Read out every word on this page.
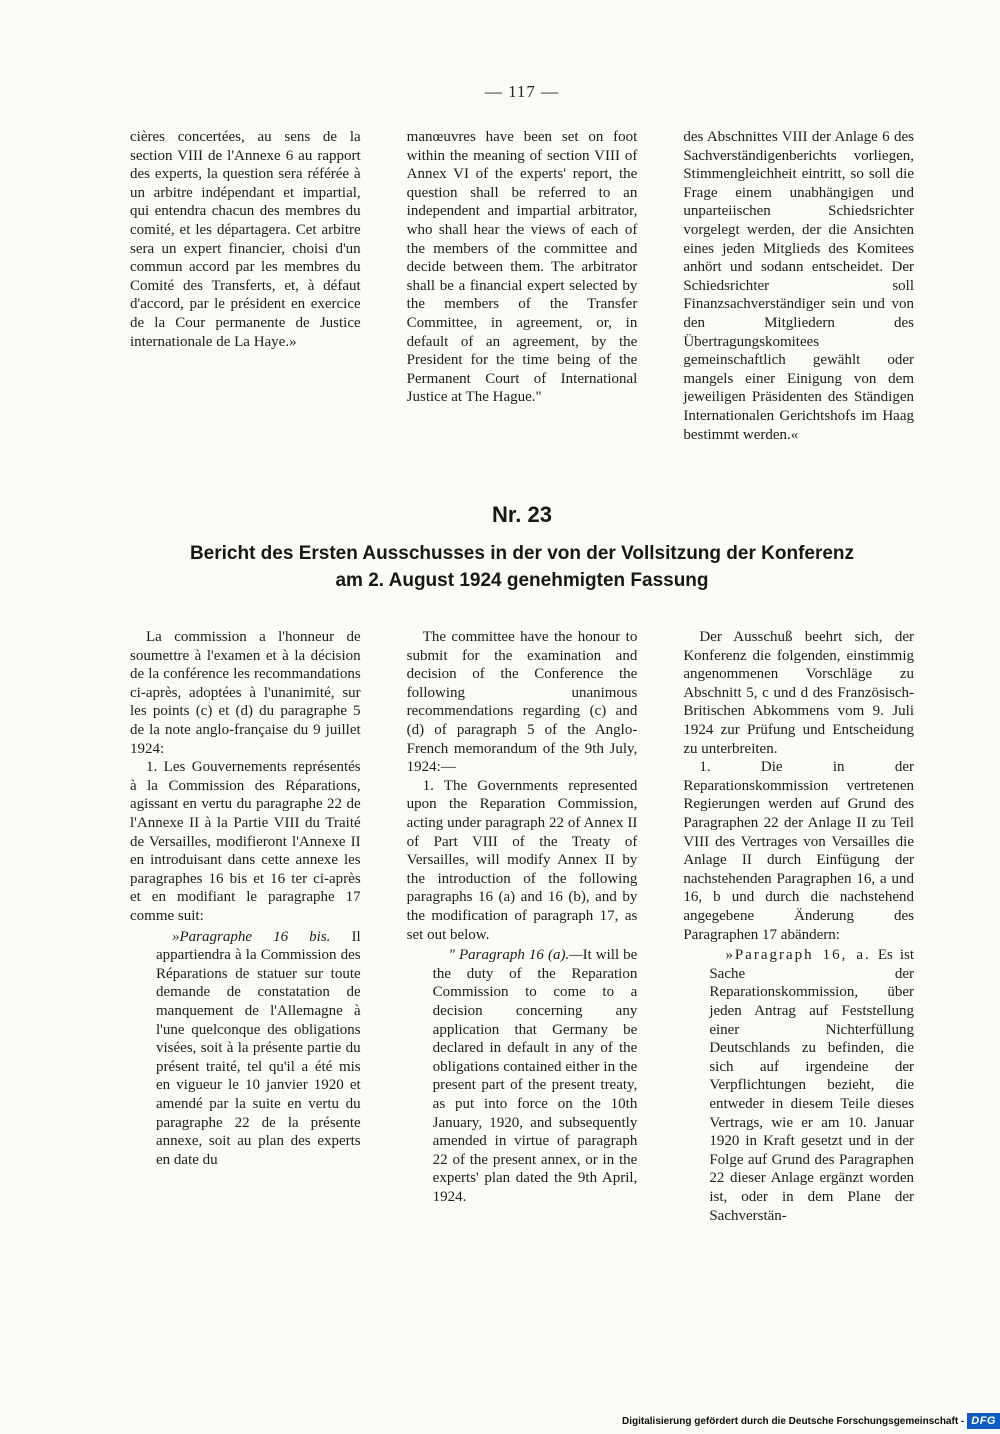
— 117 —

cières concertées, au sens de la section VIII de l'Annexe 6 au rapport des experts, la question sera référée à un arbitre indépendant et impartial, qui entendra chacun des membres du comité, et les départagera. Cet arbitre sera un expert financier, choisi d'un commun accord par les membres du Comité des Transferts, et, à défaut d'accord, par le président en exercice de la Cour permanente de Justice internationale de La Haye.»

manœuvres have been set on foot within the meaning of section VIII of Annex VI of the experts' report, the question shall be referred to an independent and impartial arbitrator, who shall hear the views of each of the members of the committee and decide between them. The arbitrator shall be a financial expert selected by the members of the Transfer Committee, in agreement, or, in default of an agreement, by the President for the time being of the Permanent Court of International Justice at The Hague."

des Abschnittes VIII der Anlage 6 des Sachverständigenberichts vorliegen, Stimmengleichheit eintritt, so soll die Frage einem unabhängigen und unparteiischen Schiedsrichter vorgelegt werden, der die Ansichten eines jeden Mitglieds des Komitees anhört und sodann entscheidet. Der Schiedsrichter soll Finanzsachverständiger sein und von den Mitgliedern des Übertragungskomitees gemeinschaftlich gewählt oder mangels einer Einigung von dem jeweiligen Präsidenten des Ständigen Internationalen Gerichtshofs im Haag bestimmt werden.«

Nr. 23
Bericht des Ersten Ausschusses in der von der Vollsitzung der Konferenz
am 2. August 1924 genehmigten Fassung

La commission a l'honneur de soumettre à l'examen et à la décision de la conférence les recommandations ci-après, adoptées à l'unanimité, sur les points (c) et (d) du paragraphe 5 de la note anglo-française du 9 juillet 1924:

1. Les Gouvernements représentés à la Commission des Réparations, agissant en vertu du paragraphe 22 de l'Annexe II à la Partie VIII du Traité de Versailles, modifieront l'Annexe II en introduisant dans cette annexe les paragraphes 16 bis et 16 ter ci-après et en modifiant le paragraphe 17 comme suit:

»Paragraphe 16 bis. Il appartiendra à la Commission des Réparations de statuer sur toute demande de constatation de manquement de l'Allemagne à l'une quelconque des obligations visées, soit à la présente partie du présent traité, tel qu'il a été mis en vigueur le 10 janvier 1920 et amendé par la suite en vertu du paragraphe 22 de la présente annexe, soit au plan des experts en date du

The committee have the honour to submit for the examination and decision of the Conference the following unanimous recommendations regarding (c) and (d) of paragraph 5 of the Anglo-French memorandum of the 9th July, 1924:—

1. The Governments represented upon the Reparation Commission, acting under paragraph 22 of Annex II of Part VIII of the Treaty of Versailles, will modify Annex II by the introduction of the following paragraphs 16 (a) and 16 (b), and by the modification of paragraph 17, as set out below.

" Paragraph 16 (a).—It will be the duty of the Reparation Commission to come to a decision concerning any application that Germany be declared in default in any of the obligations contained either in the present part of the present treaty, as put into force on the 10th January, 1920, and subsequently amended in virtue of paragraph 22 of the present annex, or in the experts' plan dated the 9th April, 1924.

Der Ausschuß beehrt sich, der Konferenz die folgenden, einstimmig angenommenen Vorschläge zu Abschnitt 5, c und d des Französisch-Britischen Abkommens vom 9. Juli 1924 zur Prüfung und Entscheidung zu unterbreiten.

1. Die in der Reparationskommission vertretenen Regierungen werden auf Grund des Paragraphen 22 der Anlage II zu Teil VIII des Vertrages von Versailles die Anlage II durch Einfügung der nachstehenden Paragraphen 16, a und 16, b und durch die nachstehend angegebene Änderung des Paragraphen 17 abändern:

»Paragraph 16, a. Es ist Sache der Reparationskommission, über jeden Antrag auf Feststellung einer Nichterfüllung Deutschlands zu befinden, die sich auf irgendeine der Verpflichtungen bezieht, die entweder in diesem Teile dieses Vertrags, wie er am 10. Januar 1920 in Kraft gesetzt und in der Folge auf Grund des Paragraphen 22 dieser Anlage ergänzt worden ist, oder in dem Plane der Sachverstän-

Digitalisierung gefördert durch die Deutsche Forschungsgemeinschaft - DFG
